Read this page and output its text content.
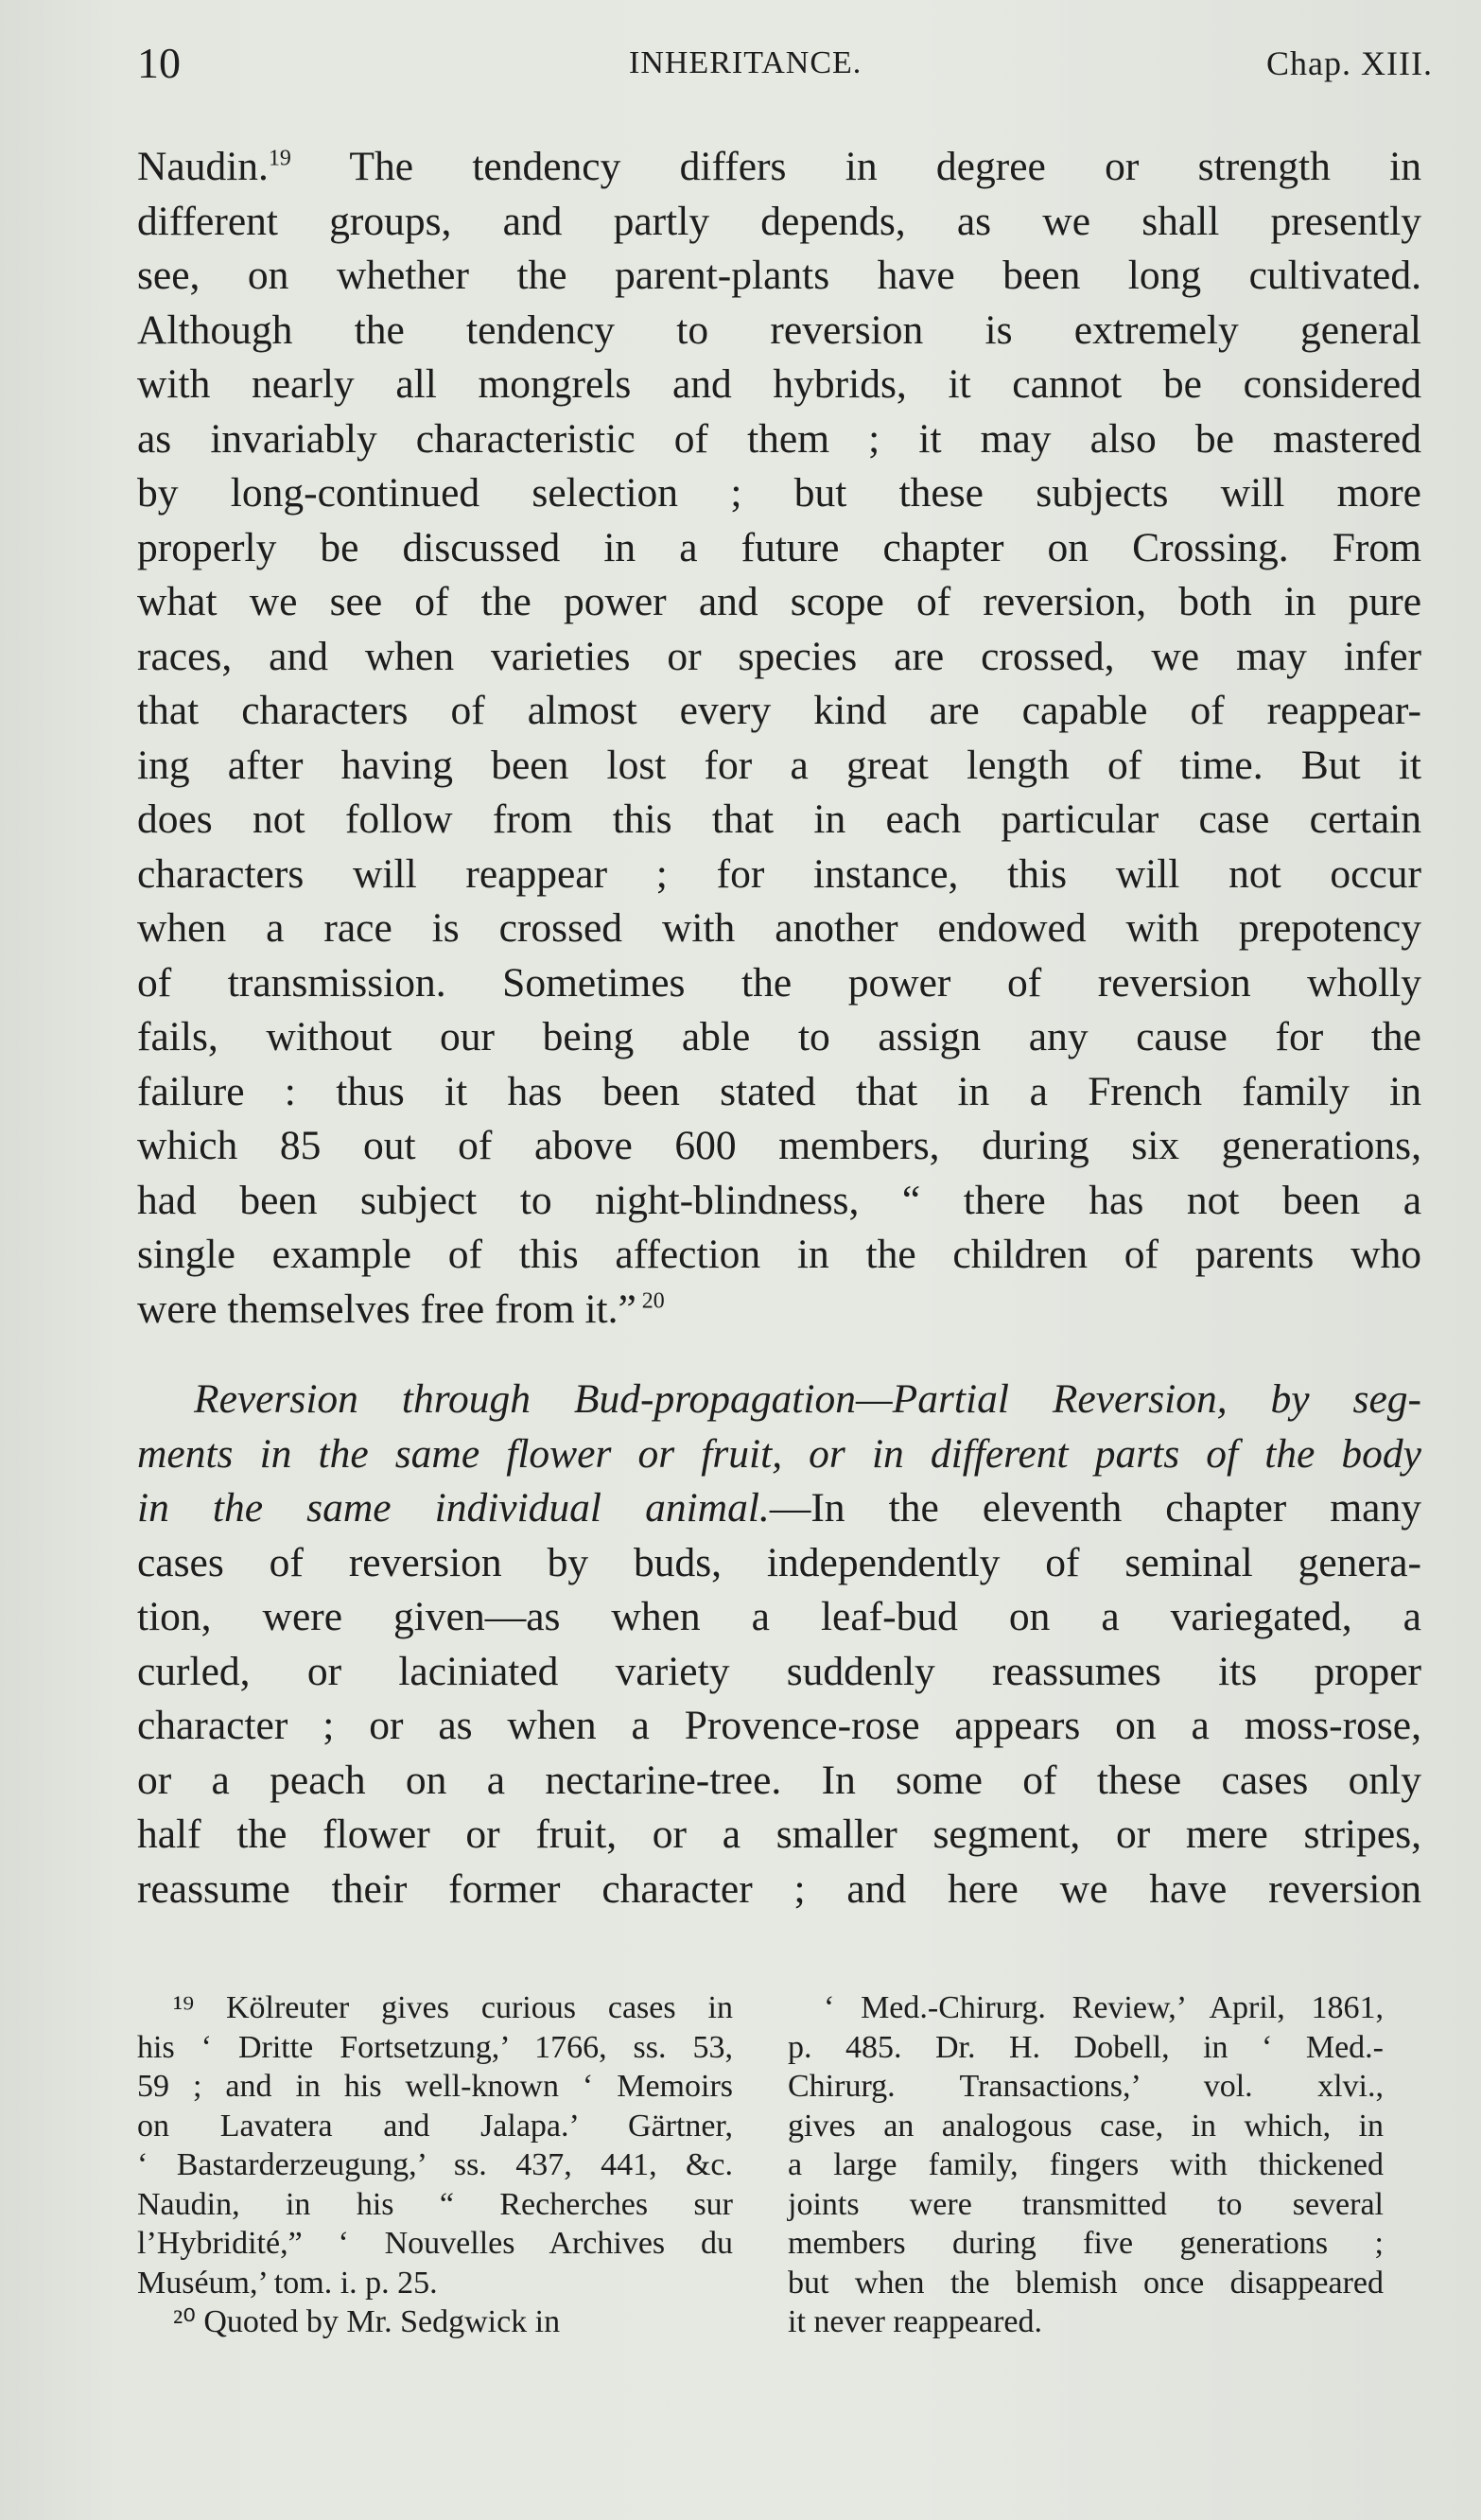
10	INHERITANCE.	Chap. XIII.
Naudin.$^{19}$ The tendency differs in degree or strength in
different groups, and partly depends, as we shall presently
see, on whether the parent-plants have been long cultivated.
Although the tendency to reversion is extremely general
with nearly all mongrels and hybrids, it cannot be considered
as invariably characteristic of them ; it may also be mastered
by long-continued selection ; but these subjects will more
properly be discussed in a future chapter on Crossing. From
what we see of the power and scope of reversion, both in pure
races, and when varieties or species are crossed, we may infer
that characters of almost every kind are capable of reappear-
ing after having been lost for a great length of time. But it
does not follow from this that in each particular case certain
characters will reappear ; for instance, this will not occur
when a race is crossed with another endowed with prepotency
of transmission. Sometimes the power of reversion wholly
fails, without our being able to assign any cause for the
failure : thus it has been stated that in a French family in
which 85 out of above 600 members, during six generations,
had been subject to night-blindness, “ there has not been a
single example of this affection in the children of parents who
were themselves free from it.” $^{20}$
Reversion through Bud-propagation—Partial Reversion, by seg-
ments in the same flower or fruit, or in different parts of the body
in the same individual animal.—In the eleventh chapter many
cases of reversion by buds, independently of seminal genera-
tion, were given—as when a leaf-bud on a variegated, a
curled, or laciniated variety suddenly reassumes its proper
character ; or as when a Provence-rose appears on a moss-rose,
or a peach on a nectarine-tree. In some of these cases only
half the flower or fruit, or a smaller segment, or mere stripes,
reassume their former character ; and here we have reversion
¹⁹ Kölreuter gives curious cases in
his ‘ Dritte Fortsetzung,’ 1766, ss. 53,
59 ; and in his well-known ‘ Memoirs
on Lavatera and Jalapa.’ Gärtner,
‘ Bastarderzeugung,’ ss. 437, 441, &c.
Naudin, in his “ Recherches sur
l’Hybridité,” ‘ Nouvelles Archives du
Muséum,’ tom. i. p. 25.
²⁰ Quoted by Mr. Sedgwick in
‘ Med.-Chirurg. Review,’ April, 1861,
p. 485. Dr. H. Dobell, in ‘ Med.-
Chirurg. Transactions,’ vol. xlvi.,
gives an analogous case, in which, in
a large family, fingers with thickened
joints were transmitted to several
members during five generations ;
but when the blemish once disappeared
it never reappeared.
